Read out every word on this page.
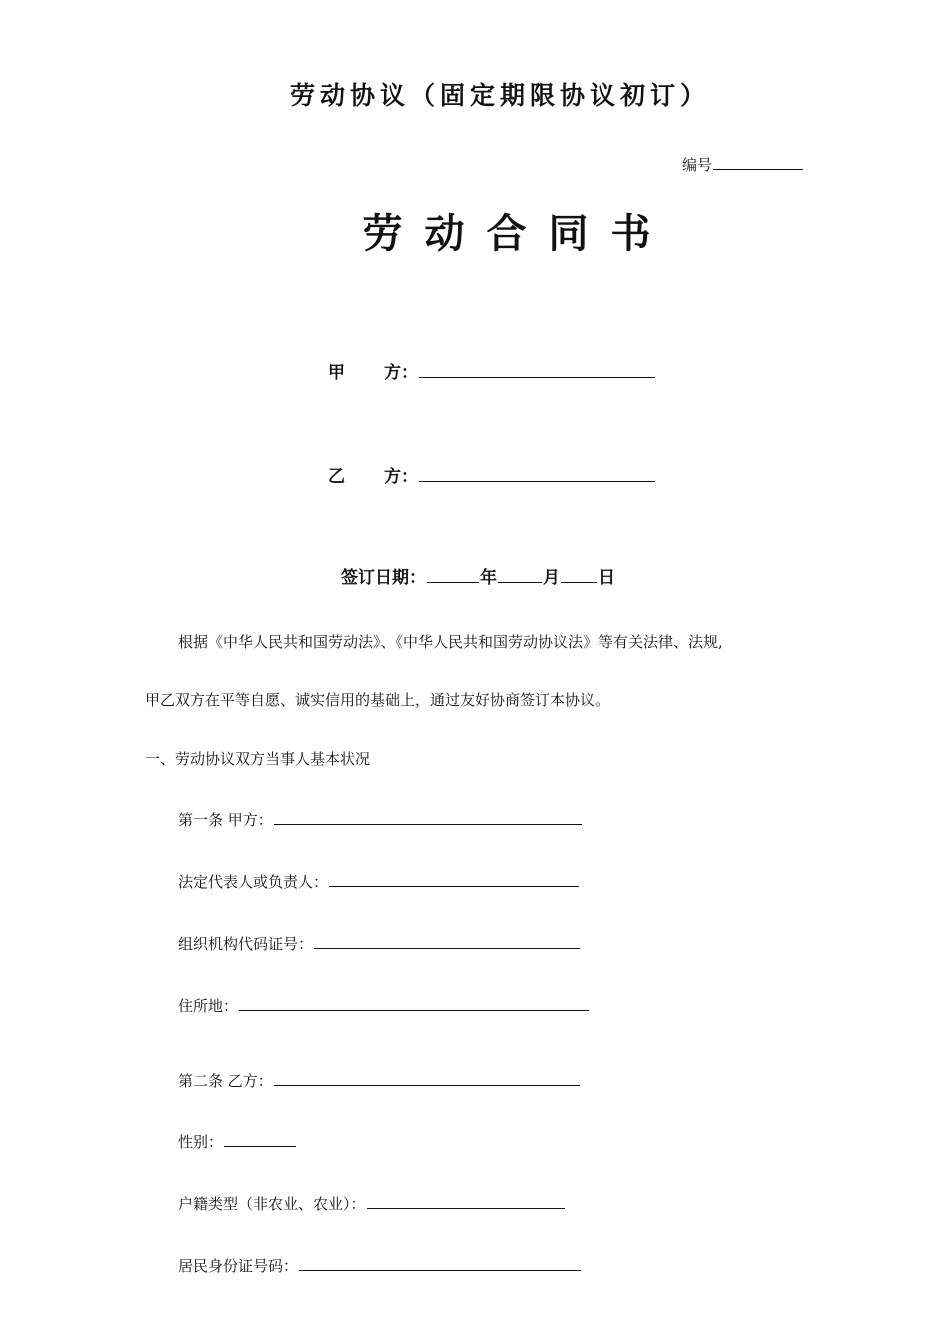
劳动协议（固定期限协议初订）
编号
劳动合同书
甲 方：
乙 方：
签订日期：	年	月 日
根据《中华人民共和国劳动法》、《中华人民共和国劳动协议法》等有关法律、法规,
甲乙双方在平等自愿、诚实信用的基础上，通过友好协商签订本协议。
一、劳动协议双方当事人基本状况
第一条 甲方：
法定代表人或负责人：
组织机构代码证号：
住所地：
第二条 乙方：
性别：
户籍类型（非农业、农业）：
居民身份证号码：
